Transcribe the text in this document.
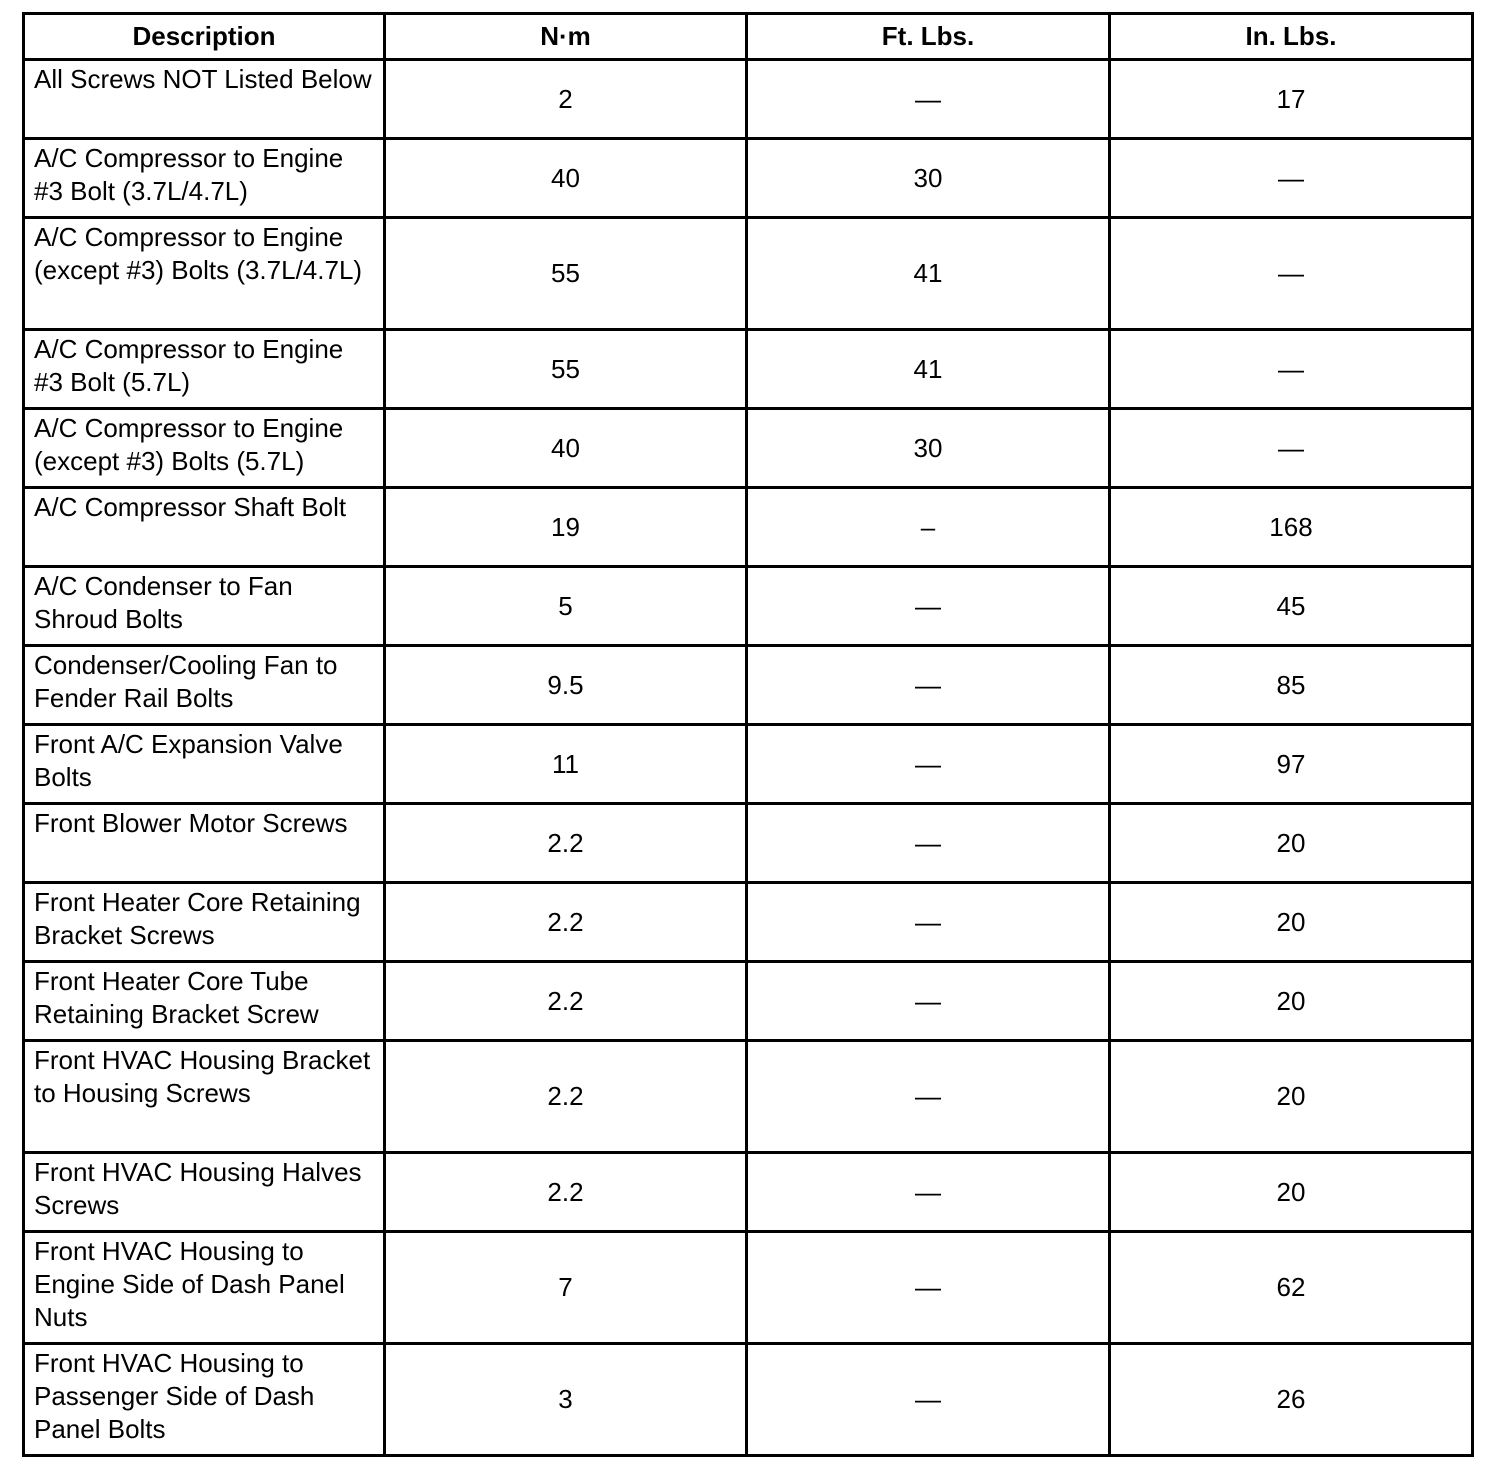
Description	N·m	Ft. Lbs.	In. Lbs.
All Screws NOT Listed Below	2	—	17
A/C Compressor to Engine #3 Bolt (3.7L/4.7L)	40	30	—
A/C Compressor to Engine (except #3) Bolts (3.7L/4.7L)	55	41	—
A/C Compressor to Engine #3 Bolt (5.7L)	55	41	—
A/C Compressor to Engine (except #3) Bolts (5.7L)	40	30	—
A/C Compressor Shaft Bolt	19	–	168
A/C Condenser to Fan Shroud Bolts	5	—	45
Condenser/Cooling Fan to Fender Rail Bolts	9.5	—	85
Front A/C Expansion Valve Bolts	11	—	97
Front Blower Motor Screws	2.2	—	20
Front Heater Core Retaining Bracket Screws	2.2	—	20
Front Heater Core Tube Retaining Bracket Screw	2.2	—	20
Front HVAC Housing Bracket to Housing Screws	2.2	—	20
Front HVAC Housing Halves Screws	2.2	—	20
Front HVAC Housing to Engine Side of Dash Panel Nuts	7	—	62
Front HVAC Housing to Passenger Side of Dash Panel Bolts	3	—	26
